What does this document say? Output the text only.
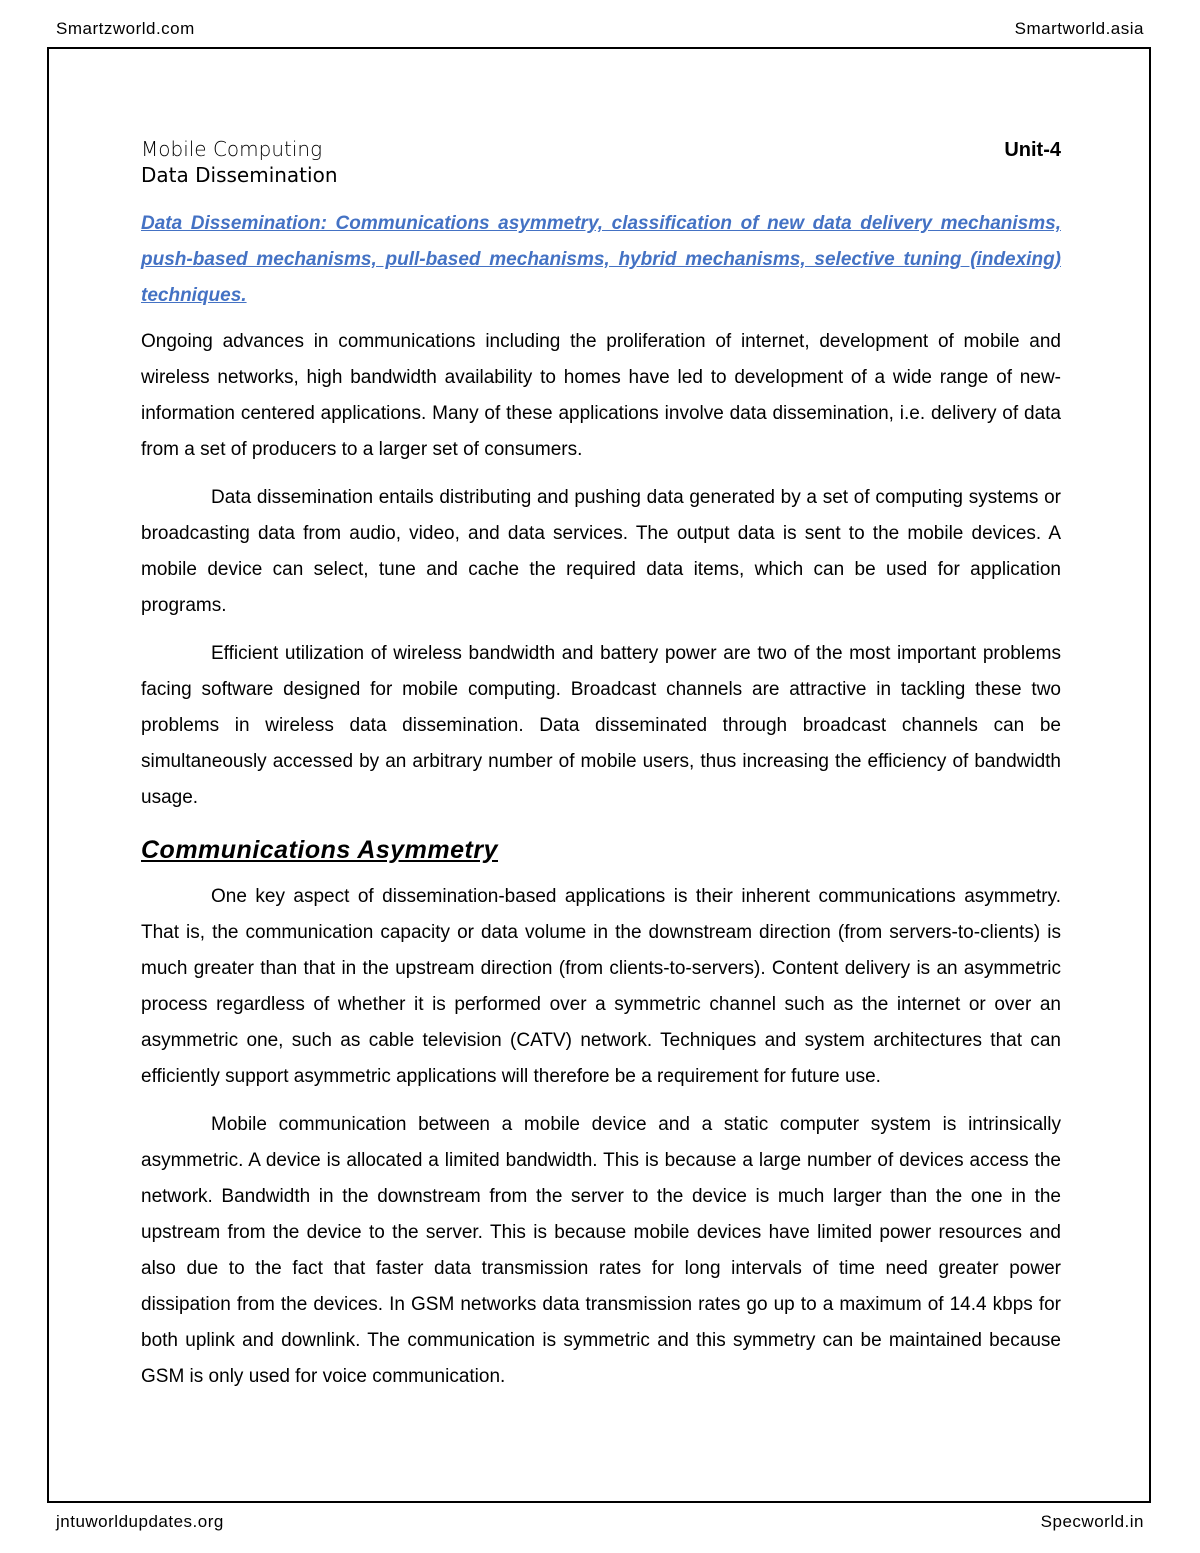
Smartzworld.com	Smartworld.asia
Mobile Computing	Unit-4
Data Dissemination
Data Dissemination: Communications asymmetry, classification of new data delivery mechanisms, push-based mechanisms, pull-based mechanisms, hybrid mechanisms, selective tuning (indexing) techniques.

Ongoing advances in communications including the proliferation of internet, development of mobile and wireless networks, high bandwidth availability to homes have led to development of a wide range of new-information centered applications. Many of these applications involve data dissemination, i.e. delivery of data from a set of producers to a larger set of consumers.

Data dissemination entails distributing and pushing data generated by a set of computing systems or broadcasting data from audio, video, and data services. The output data is sent to the mobile devices. A mobile device can select, tune and cache the required data items, which can be used for application programs.

Efficient utilization of wireless bandwidth and battery power are two of the most important problems facing software designed for mobile computing. Broadcast channels are attractive in tackling these two problems in wireless data dissemination. Data disseminated through broadcast channels can be simultaneously accessed by an arbitrary number of mobile users, thus increasing the efficiency of bandwidth usage.

Communications Asymmetry

One key aspect of dissemination-based applications is their inherent communications asymmetry. That is, the communication capacity or data volume in the downstream direction (from servers-to-clients) is much greater than that in the upstream direction (from clients-to-servers). Content delivery is an asymmetric process regardless of whether it is performed over a symmetric channel such as the internet or over an asymmetric one, such as cable television (CATV) network. Techniques and system architectures that can efficiently support asymmetric applications will therefore be a requirement for future use.

Mobile communication between a mobile device and a static computer system is intrinsically asymmetric. A device is allocated a limited bandwidth. This is because a large number of devices access the network. Bandwidth in the downstream from the server to the device is much larger than the one in the upstream from the device to the server. This is because mobile devices have limited power resources and also due to the fact that faster data transmission rates for long intervals of time need greater power dissipation from the devices. In GSM networks data transmission rates go up to a maximum of 14.4 kbps for both uplink and downlink. The communication is symmetric and this symmetry can be maintained because GSM is only used for voice communication.

jntuworldupdates.org	Specworld.in
